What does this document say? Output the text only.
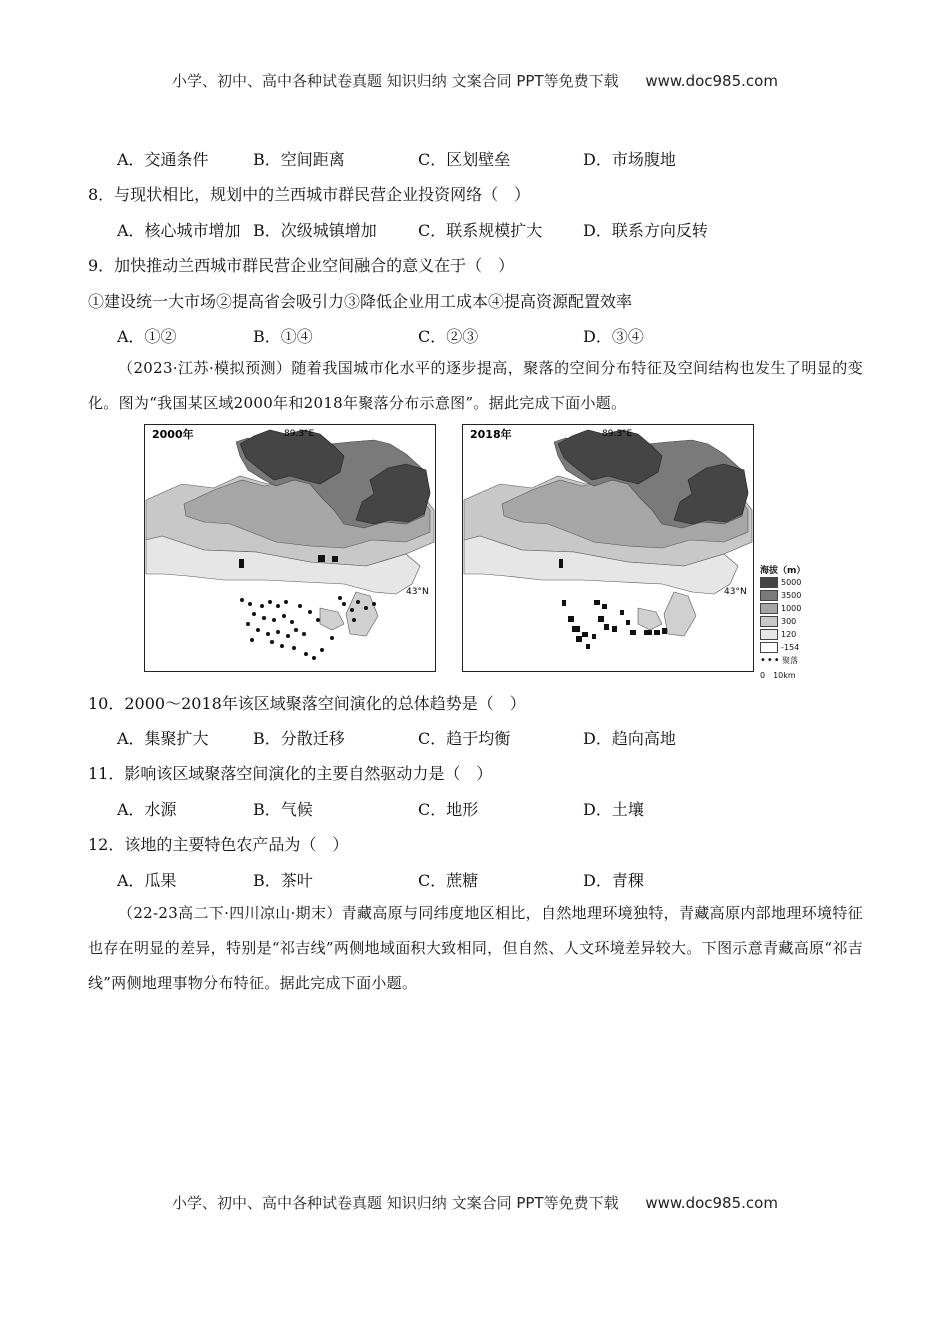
小学、初中、高中各种试卷真题 知识归纳 文案合同 PPT等免费下载 www.doc985.com
A．交通条件	B．空间距离	C．区划壁垒	D．市场腹地
8．与现状相比，规划中的兰西城市群民营企业投资网络（　）
A．核心城市增加 B．次级城镇增加	C．联系规模扩大	D．联系方向反转
9．加快推动兰西城市群民营企业空间融合的意义在于（　）
①建设统一大市场②提高省会吸引力③降低企业用工成本④提高资源配置效率
A．①②	B．①④	C．②③	D．③④
（2023·江苏·模拟预测）随着我国城市化水平的逐步提高，聚落的空间分布特征及空间结构也发生了明显的变化。图为“我国某区域2000年和2018年聚落分布示意图”。据此完成下面小题。
2000年	89.3°E
43°N
2018年	89.3°E
43°N
海拔（m）
5000
3500
1000
300
120
-154
••• 聚落
0　10km
10．2000～2018年该区域聚落空间演化的总体趋势是（　）
A．集聚扩大	B．分散迁移	C．趋于均衡	D．趋向高地
11．影响该区域聚落空间演化的主要自然驱动力是（　）
A．水源	B．气候	C．地形	D．土壤
12．该地的主要特色农产品为（　）
A．瓜果	B．茶叶	C．蔗糖	D．青稞
（22-23高二下·四川凉山·期末）青藏高原与同纬度地区相比，自然地理环境独特，青藏高原内部地理环境特征也存在明显的差异，特别是“祁吉线”两侧地域面积大致相同，但自然、人文环境差异较大。下图示意青藏高原“祁吉线”两侧地理事物分布特征。据此完成下面小题。
小学、初中、高中各种试卷真题 知识归纳 文案合同 PPT等免费下载 www.doc985.com
